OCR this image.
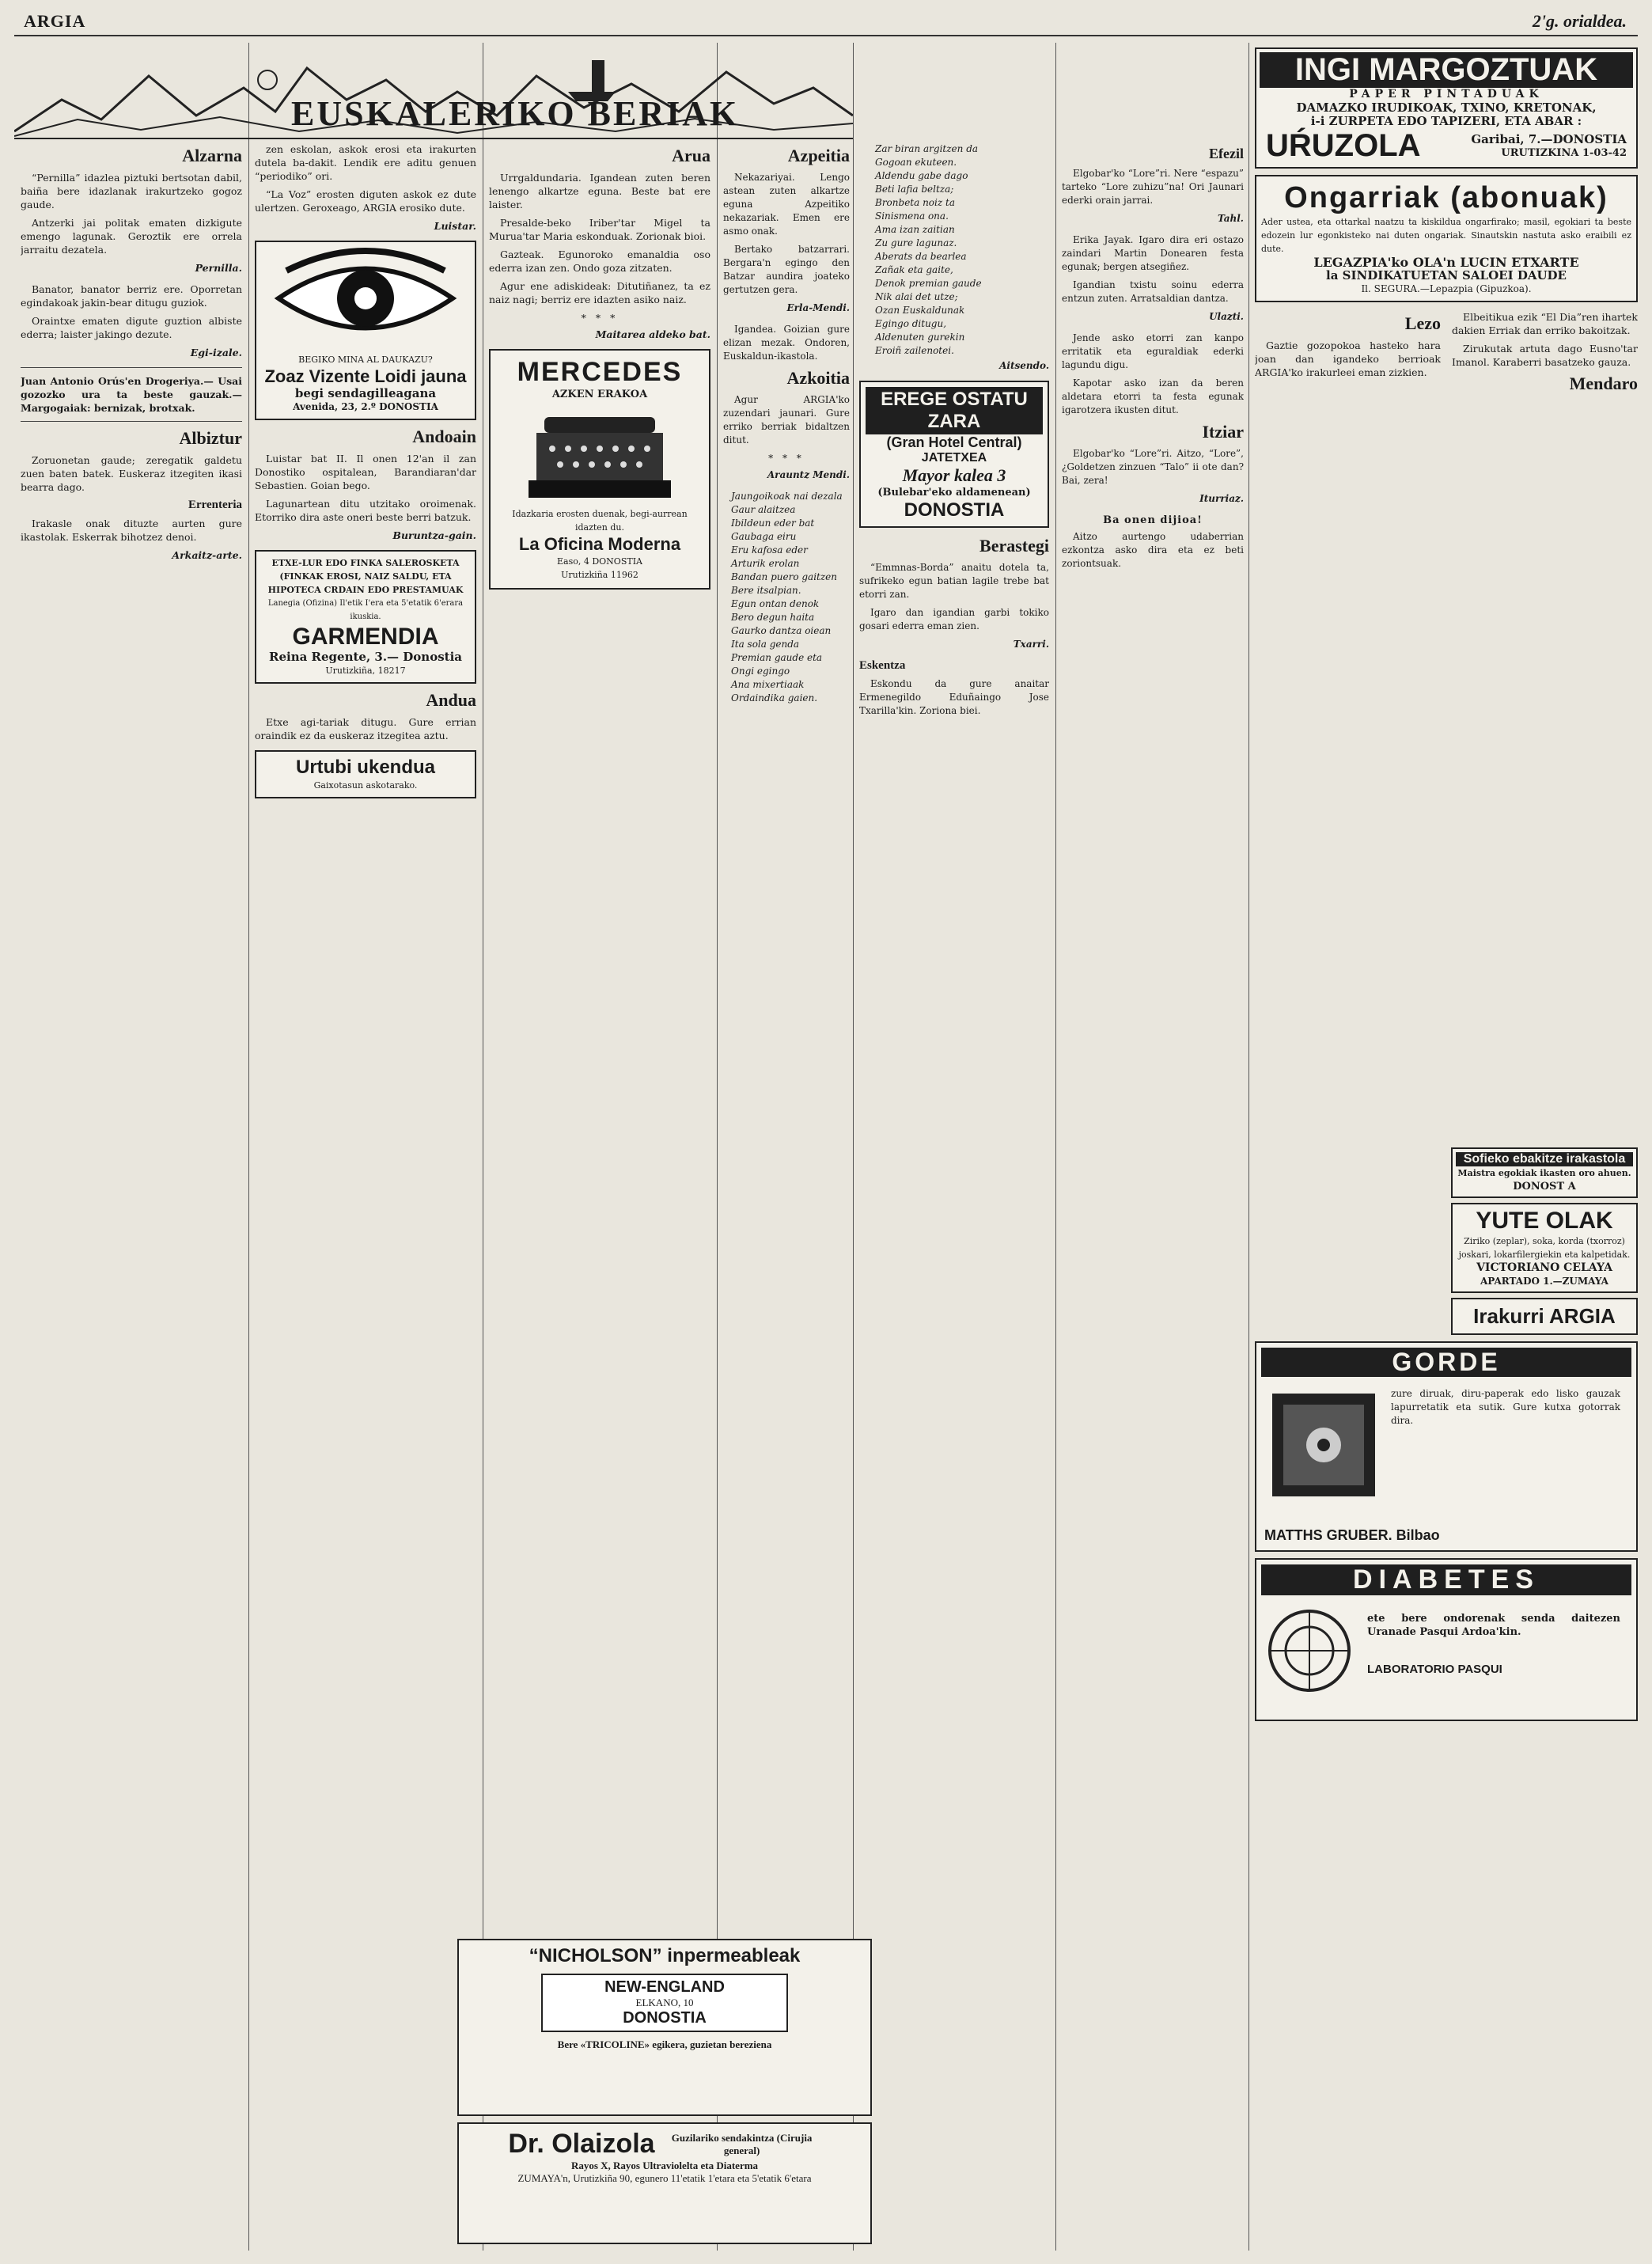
ARGIA	2'g. orialdea.
EUSKALERIKO BERIAK
Alzarna

“Pernilla” idazlea piztuki bertsotan dabil, baiña bere idazlanak irakurtzeko gogoz gaude.

Antzerki jai politak ematen dizkigute emengo lagunak. Geroztik ere orrela jarraitu dezatela.

Pernilla.

Banator, banator berriz ere. Oporretan egindakoak jakin-bear ditugu guziok.

Oraintxe ematen digute guztion albiste ederra; laister jakingo dezute.

Egi-izale.

Juan Antonio Orús'en Drogeriya.— Usai gozozko ura ta beste gauzak.— Margogaiak: bernizak, brotxak.

Albiztur

Zoruonetan gaude; zeregatik galdetu zuen baten batek. Euskeraz itzegiten ikasi bearra dago.

Errenteria

Irakasle onak dituzte aurten gure ikastolak. Eskerrak bihotzez denoi.

Arkaitz-arte.

zen eskolan, askok erosi eta irakurten dutela ba-dakit. Lendik ere aditu genuen “periodiko” ori.

“La Voz” erosten diguten askok ez dute ulertzen. Geroxeago, ARGIA erosiko dute.

Luistar.
BEGIKO MINA AL DAUKAZU?
Zoaz Vizente Loidi jauna
begi sendagilleagana
Avenida, 23, 2.º DONOSTIA
Andoain

Luistar bat II. Il onen 12'an il zan Donostiko ospitalean, Barandiaran'dar Sebastien. Goian bego.

Lagunartean ditu utzitako oroimenak. Etorriko dira aste oneri beste berri batzuk.

Buruntza-gain.
ETXE-LUR EDO FINKA SALEROSKETA
(FINKAK EROSI, NAIZ SALDU, ETA HIPOTECA CRDAIN EDO PRESTAMUAK
Lanegia (Ofizina) Il'etik I'era eta 5'etatik 6'erara ikuskia.
GARMENDIA
Reina Regente, 3.— Donostia
Urutizkiña, 18217
Andua

Etxe agi-tariak ditugu. Gure errian oraindik ez da euskeraz itzegitea aztu.

Urtubi ukendua
Gaixotasun askotarako.
Arua

Urrgaldundaria. Igandean zuten beren lenengo alkartze eguna. Beste bat ere laister.

Presalde-beko Iriber'tar Migel ta Murua'tar Maria eskonduak. Zorionak bioi.

Gazteak. Egunoroko emanaldia oso ederra izan zen. Ondo goza zitzaten.

Agur ene adiskideak: Ditutiñanez, ta ez naiz nagi; berriz ere idazten asiko naiz.

* * *
Maitarea aldeko bat.
MERCEDES
AZKEN ERAKOA
Idazkaria erosten duenak, begi-aurrean idazten du.
La Oficina Moderna
Easo, 4 DONOSTIA
Urutizkiña 11962
“NICHOLSON” inpermeableak
NEW-ENGLAND
ELKANO, 10
DONOSTIA
Bere «TRICOLINE» egikera, guzietan bereziena
Dr. Olaizola	Guzilariko sendakintza (Cirujia general)
Rayos X, Rayos Ultraviolelta eta Diaterma
ZUMAYA'n, Urutizkiña 90, egunero 11'etatik 1'etara eta 5'etatik 6'etara
Azpeitia

Nekazariyai. Lengo astean zuten alkartze eguna Azpeitiko nekazariak. Emen ere asmo onak.

Bertako batzarrari. Bergara'n egingo den Batzar aundira joateko gertutzen gera.

Erla-Mendi.

Igandea. Goizian gure elizan mezak. Ondoren, Euskaldun-ikastola.

Azkoitia

Agur ARGIA'ko zuzendari jaunari. Gure erriko berriak bidaltzen ditut.

* * *
Arauntz Mendi.
Jaungoikoak nai dezala
Gaur alaitzea
Ibildeun eder bat
Gaubaga eiru
Eru kafosa eder
Arturik erolan
Bandan puero gaitzen
Bere itsalpian.
Egun ontan denok
Bero degun haita
Gaurko dantza oiean
Ita sola genda
Premian gaude eta
Ongi egingo
Ana mixertiaak
Ordaindika gaien.
Zar biran argitzen da
Gogoan ekuteen.
Aldendu gabe dago
Beti lafia beltza;
Bronbeta noiz ta
Sinismena ona.
Ama izan zaitian
Zu gure lagunaz.
Aberats da bearlea
Zañak eta gaite,
Denok premian gaude
Nik alai det utze;
Ozan Euskaldunak
Egingo ditugu,
Aldenuten gurekin
Eroiñ zailenotei.
Aitsendo.
EREGE OSTATU ZARA
(Gran Hotel Central)
JATETXEA
Mayor kalea 3
(Bulebar'eko aldamenean)
DONOSTIA
Berastegi

“Emmnas-Borda” anaitu dotela ta, sufrikeko egun batian lagile trebe bat etorri zan.

Igaro dan igandian garbi tokiko gosari ederra eman zien.

Txarri.
Eskentza

Eskondu da gure anaitar Ermenegildo Eduñaingo Jose Txarilla'kin. Zoriona biei.

Efezil

Elgobar'ko “Lore”ri. Nere “espazu” tarteko “Lore zuhizu”na! Ori Jaunari ederki orain jarrai.

Tahl.

Erika Jayak. Igaro dira eri ostazo zaindari Martin Donearen festa egunak; bergen atsegiñez.

Igandian txistu soinu ederra entzun zuten. Arratsaldian dantza.

Ulazti.

Jende asko etorri zan kanpo erritatik eta eguraldiak ederki lagundu digu.

Kapotar asko izan da beren aldetara etorri ta festa egunak igarotzera ikusten ditut.

Itziar

Elgobar'ko “Lore”ri. Aitzo, “Lore”, ¿Goldetzen zinzuen “Talo” ii ote dan? Bai, zera!

Iturriaz.
Ba onen dijioa!

Aitzo aurtengo udaberrian ezkontza asko dira eta ez beti zoriontsuak.

INGI MARGOZTUAK
PAPER PINTADUAK
DAMAZKO IRUDIKOAK, TXINO, KRETONAK,
i-i ZURPETA EDO TAPIZERI, ETA ABAR :
UŔUZOLA	Garibai, 7.—DONOSTIA
URUTIZKINA 1-03-42
Ongarriak (abonuak)
Ader ustea, eta ottarkal naatzu ta kiskildua ongarfirako; masil, egokiari ta beste edozein lur egonkisteko nai duten ongariak. Sinautskin nastuta asko eraibili ez dute.
LEGAZPIA'ko OLA'n LUCIN ETXARTE
la SINDIKATUETAN SALOEI DAUDE
Il. SEGURA.—Lepazpia (Gipuzkoa).
Lezo

Gaztie gozopokoa hasteko hara joan dan igandeko berrioak ARGIA'ko irakurleei eman zizkien.

Elbeitikua ezik “El Dia”ren ihartek dakien Erriak dan erriko bakoitzak.

Zirukutak artuta dago Eusno'tar Imanol. Karaberri basatzeko gauza.

Mendaro
Sofieko ebakitze irakastola
Maistra egokiak ikasten oro ahuen.
DONOST A
YUTE OLAK
Ziriko (zeplar), soka, korda (txorroz) joskari, lokarfilergiekin eta kalpetidak.
VICTORIANO CELAYA
APARTADO 1.—ZUMAYA
Irakurri ARGIA
GORDE
zure diruak, diru-paperak edo lisko gauzak lapurretatik eta sutik. Gure kutxa gotorrak dira.
MATTHS GRUBER. Bilbao
DIABETES
ete bere ondorenak senda daitezen Uranade Pasqui Ardoa'kin.
LABORATORIO PASQUI
